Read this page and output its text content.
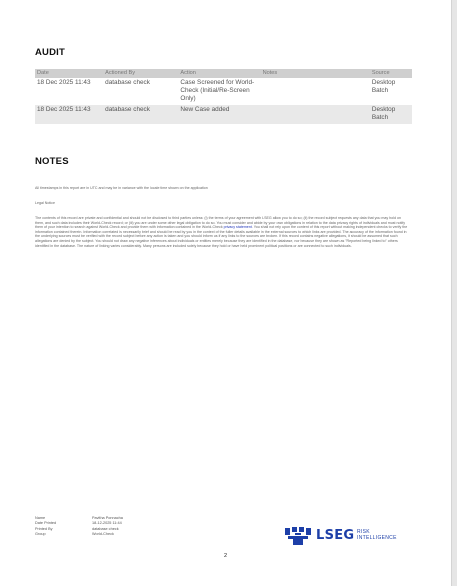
AUDIT
Date	Actioned By	Action	Notes	Source
18 Dec 2025 11:43	database check	Case Screened for World-Check (Initial/Re-Screen Only)		Desktop Batch
18 Dec 2025 11:43	database check	New Case added		Desktop Batch
NOTES
All timestamps in this report are in UTC and may be in variance with the locale time shown on the application
Legal Notice
The contents of this record are private and confidential and should not be disclosed to third parties unless: (i) the terms of your agreement with LSEG allow you to do so; (ii) the record subject requests any data that you may hold on them, and such data includes their World-Check record; or (iii) you are under some other legal obligation to do so. You must consider and abide by your own obligations in relation to the data privacy rights of individuals and must notify them of your intention to search against World-Check and provide them with information contained in the World-Check privacy statement. You shall not rely upon the content of this report without making independent checks to verify the information contained therein. Information correlated is necessarily brief and should be read by you in the context of the fuller details available in the external sources to which links are provided. The accuracy of the information found in the underlying sources must be verified with the record subject before any action is taken and you should inform us if any links to the sources are broken. If this record contains negative allegations, it should be assumed that such allegations are denied by the subject. You should not draw any negative inferences about individuals or entities merely because they are identified in the database, nor because they are shown as "Reported being linked to" others identified in the database. The nature of linking varies considerably. Many persons are included solely because they hold or have held prominent political positions or are connected to such individuals.
Name	Pavitha Ponnacha
Date Printed	18-12-2025 11:44
Printed By	database check
Group	World-Check	LSEG RISK
INTELLIGENCE
2
